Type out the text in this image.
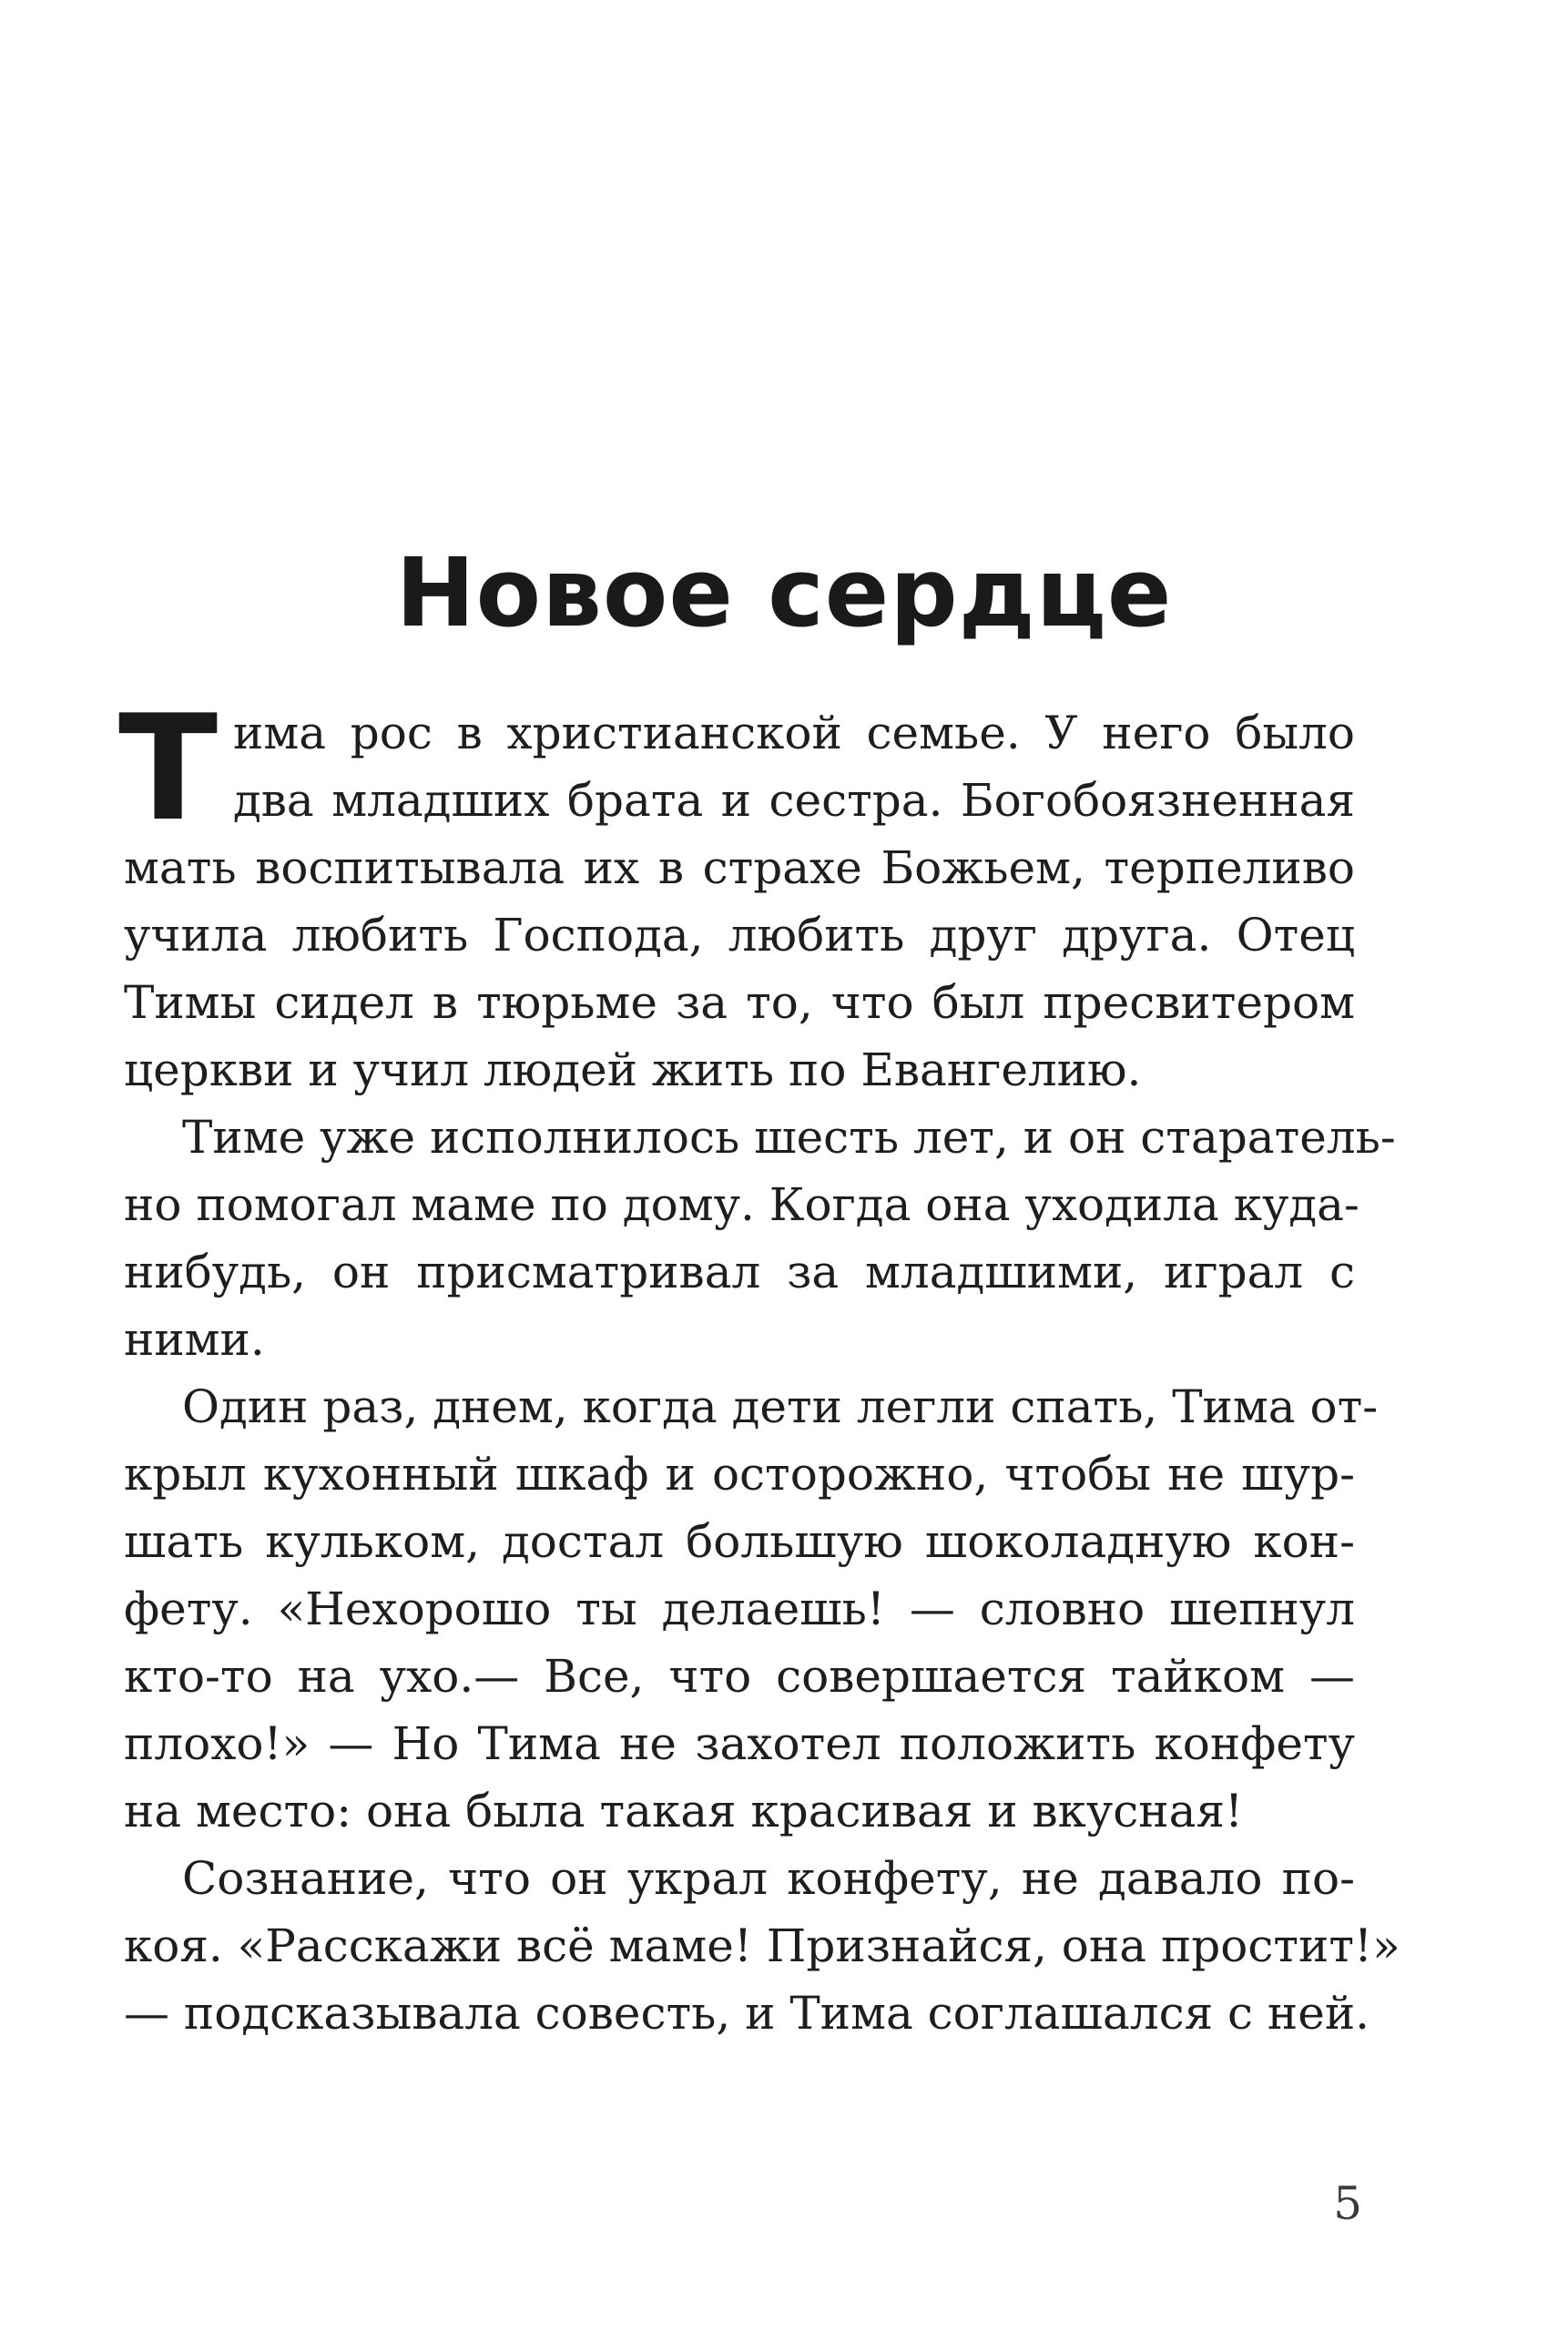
Новое сердце
Т има рос в христианской семье. У него было
два младших брата и сестра. Богобоязненная
мать воспитывала их в страхе Божьем, терпеливо
учила любить Господа, любить друг друга. Отец
Тимы сидел в тюрьме за то, что был пресвитером
церкви и учил людей жить по Евангелию.
Тиме уже исполнилось шесть лет, и он старатель-
но помогал маме по дому. Когда она уходила куда-
нибудь, он присматривал за младшими, играл с
ними.
Один раз, днем, когда дети легли спать, Тима от-
крыл кухонный шкаф и осторожно, чтобы не шур-
шать кульком, достал большую шоколадную кон-
фету. «Нехорошо ты делаешь! — словно шепнул
кто-то на ухо.— Все, что совершается тайком —
плохо!» — Но Тима не захотел положить конфету
на место: она была такая красивая и вкусная!
Сознание, что он украл конфету, не давало по-
коя. «Расскажи всё маме! Признайся, она простит!»
— подсказывала совесть, и Тима соглашался с ней.
5
